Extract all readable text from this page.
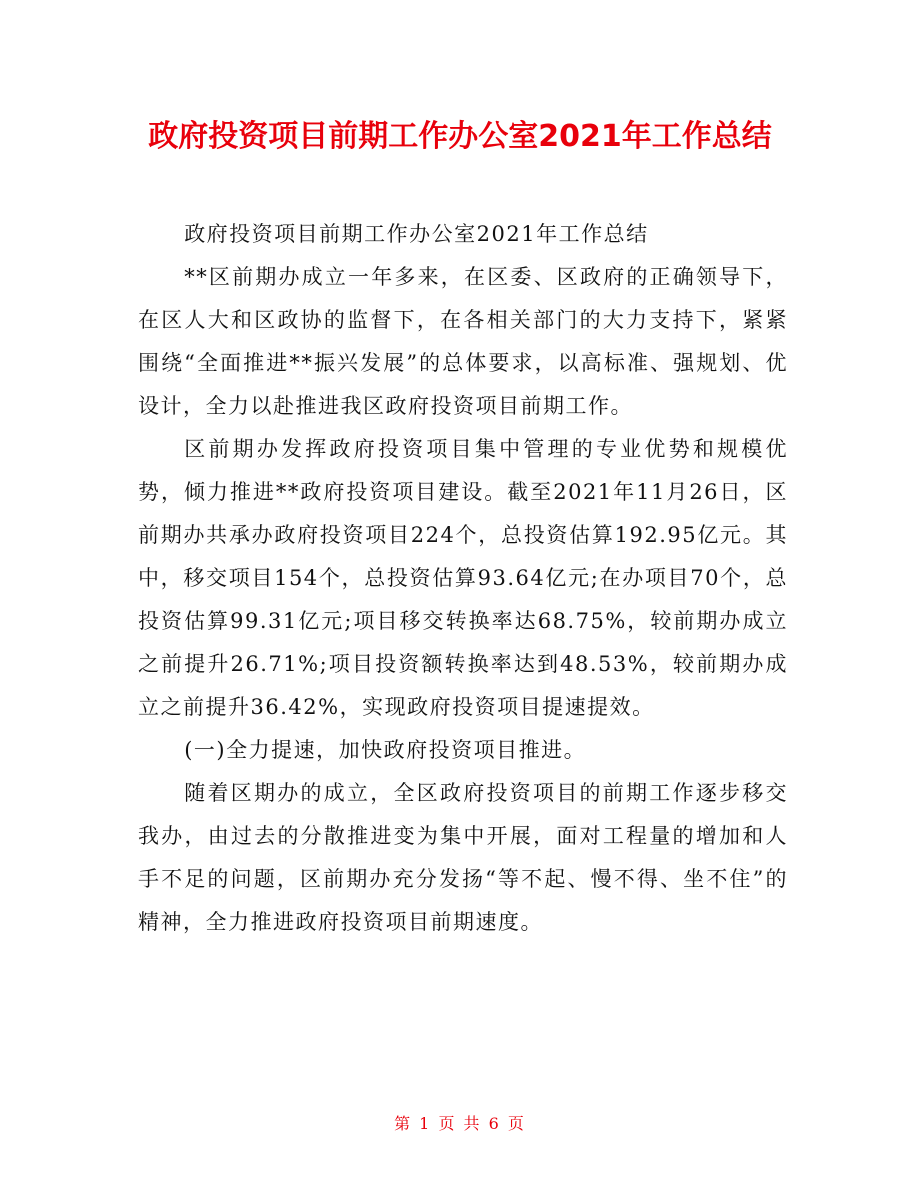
政府投资项目前期工作办公室2021年工作总结

政府投资项目前期工作办公室2021年工作总结

**区前期办成立一年多来，在区委、区政府的正确领导下，在区人大和区政协的监督下，在各相关部门的大力支持下，紧紧围绕“全面推进**振兴发展”的总体要求，以高标准、强规划、优设计，全力以赴推进我区政府投资项目前期工作。

区前期办发挥政府投资项目集中管理的专业优势和规模优势，倾力推进**政府投资项目建设。截至2021年11月26日，区前期办共承办政府投资项目224个，总投资估算192.95亿元。其中，移交项目154个，总投资估算93.64亿元;在办项目70个，总投资估算99.31亿元;项目移交转换率达68.75%，较前期办成立之前提升26.71%;项目投资额转换率达到48.53%，较前期办成立之前提升36.42%，实现政府投资项目提速提效。

(一)全力提速，加快政府投资项目推进。

随着区期办的成立，全区政府投资项目的前期工作逐步移交我办，由过去的分散推进变为集中开展，面对工程量的增加和人手不足的问题，区前期办充分发扬“等不起、慢不得、坐不住”的精神，全力推进政府投资项目前期速度。

第 1 页 共 6 页
